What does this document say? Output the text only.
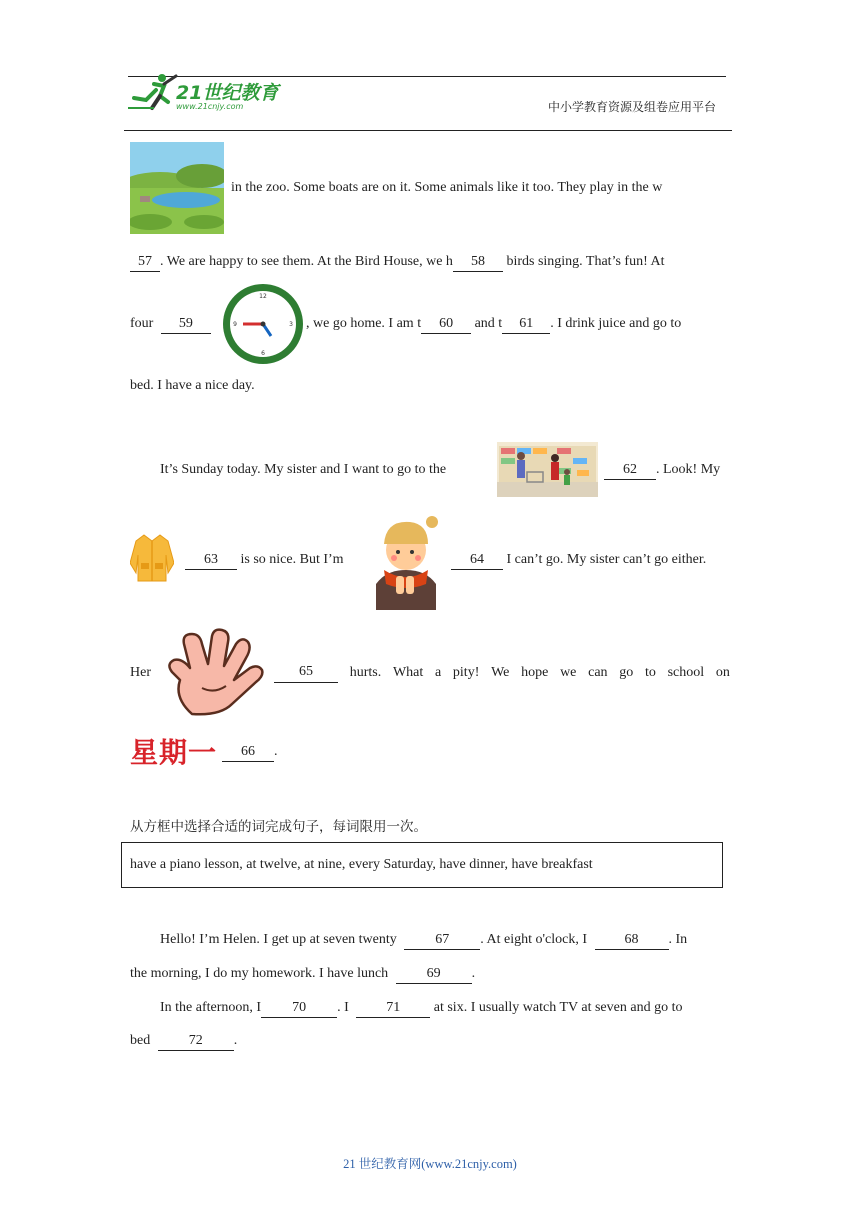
21世纪教育
www.21cnjy.com	中小学教育资源及组卷应用平台
in the zoo. Some boats are on it. Some animals like it too. They play in the w
57 . We are happy to see them. At the Bird House, we h 58 birds singing. That’s fun! At
four 59
12
3
6
9	, we go home. I am t 60 and t 61 . I drink juice and go to
bed. I have a nice day.
It’s Sunday today. My sister and I want to go to the	62 . Look! My
63 is so nice. But I’m	64 I can’t go. My sister can’t go either.
Her	65	hurts. What a pity! We hope we can go to school on
星期一	66 .
从方框中选择合适的词完成句子，每词限用一次。
have a piano lesson, at twelve, at nine, every Saturday, have dinner, have breakfast
Hello! I’m Helen. I get up at seven twenty	67 . At eight o'clock, I	68 . In
the morning, I do my homework. I have lunch	69 .
In the afternoon, I 70 . I	71 at six. I usually watch TV at seven and go to
bed	72 .
21 世纪教育网(www.21cnjy.com)
